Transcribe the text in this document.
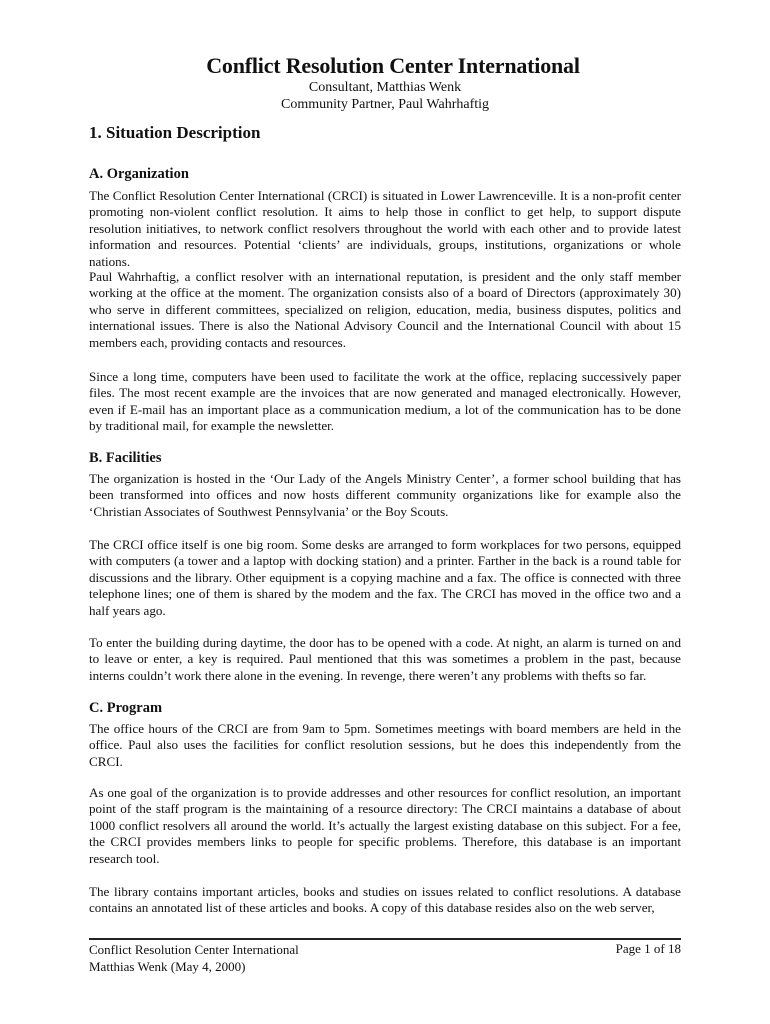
Conflict Resolution Center International
Consultant, Matthias Wenk
Community Partner, Paul Wahrhaftig
1. Situation Description
A. Organization

The Conflict Resolution Center International (CRCI) is situated in Lower Lawrenceville. It is a non-profit center promoting non-violent conflict resolution. It aims to help those in conflict to get help, to support dispute resolution initiatives, to network conflict resolvers throughout the world with each other and to provide latest information and resources. Potential ‘clients’ are individuals, groups, institutions, organizations or whole nations.

Paul Wahrhaftig, a conflict resolver with an international reputation, is president and the only staff member working at the office at the moment. The organization consists also of a board of Directors (approximately 30) who serve in different committees, specialized on religion, education, media, business disputes, politics and international issues. There is also the National Advisory Council and the International Council with about 15 members each, providing contacts and resources.

Since a long time, computers have been used to facilitate the work at the office, replacing successively paper files. The most recent example are the invoices that are now generated and managed electronically. However, even if E-mail has an important place as a communication medium, a lot of the communication has to be done by traditional mail, for example the newsletter.

B. Facilities

The organization is hosted in the ‘Our Lady of the Angels Ministry Center’, a former school building that has been transformed into offices and now hosts different community organizations like for example also the ‘Christian Associates of Southwest Pennsylvania’ or the Boy Scouts.

The CRCI office itself is one big room. Some desks are arranged to form workplaces for two persons, equipped with computers (a tower and a laptop with docking station) and a printer. Farther in the back is a round table for discussions and the library. Other equipment is a copying machine and a fax. The office is connected with three telephone lines; one of them is shared by the modem and the fax. The CRCI has moved in the office two and a half years ago.

To enter the building during daytime, the door has to be opened with a code. At night, an alarm is turned on and to leave or enter, a key is required. Paul mentioned that this was sometimes a problem in the past, because interns couldn’t work there alone in the evening. In revenge, there weren’t any problems with thefts so far.

C. Program

The office hours of the CRCI are from 9am to 5pm. Sometimes meetings with board members are held in the office. Paul also uses the facilities for conflict resolution sessions, but he does this independently from the CRCI.

As one goal of the organization is to provide addresses and other resources for conflict resolution, an important point of the staff program is the maintaining of a resource directory: The CRCI maintains a database of about 1000 conflict resolvers all around the world. It’s actually the largest existing database on this subject. For a fee, the CRCI provides members links to people for specific problems. Therefore, this database is an important research tool.

The library contains important articles, books and studies on issues related to conflict resolutions. A database contains an annotated list of these articles and books. A copy of this database resides also on the web server,

Conflict Resolution Center International
Matthias Wenk (May 4, 2000)
Page 1 of 18
